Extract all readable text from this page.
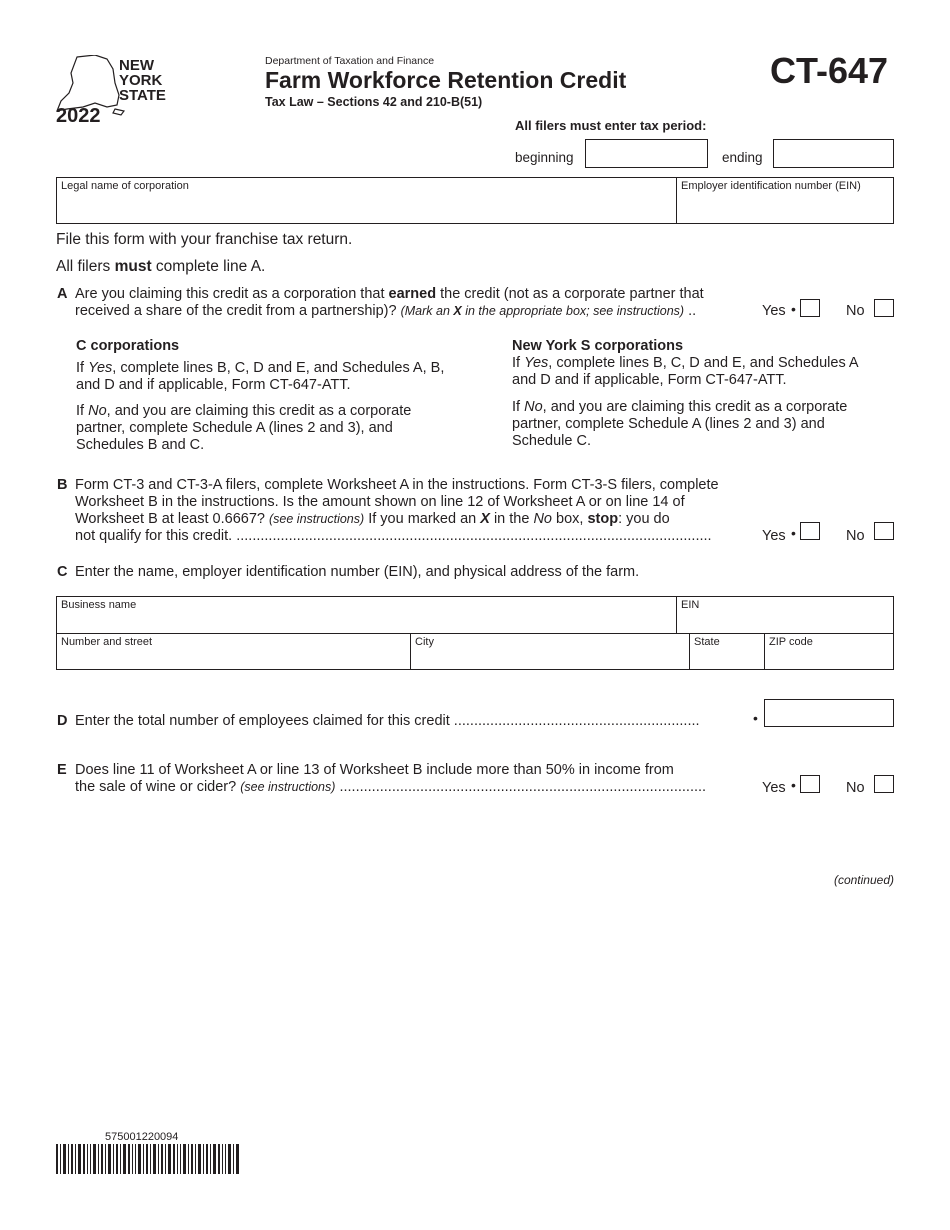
NEW
YORK
STATE
2022
Department of Taxation and Finance
Farm Workforce Retention Credit
Tax Law – Sections 42 and 210-B(51)
CT-647
All filers must enter tax period:
beginning	ending
Legal name of corporation	Employer identification number (EIN)
File this form with your franchise tax return.
All filers must complete line A.
A Are you claiming this credit as a corporation that earned the credit (not as a corporate partner that
received a share of the credit from a partnership)? (Mark an X in the appropriate box; see instructions) ..	Yes •	No
C corporations
If Yes, complete lines B, C, D and E, and Schedules A, B,
and D and if applicable, Form CT-647-ATT.
If No, and you are claiming this credit as a corporate
partner, complete Schedule A (lines 2 and 3), and
Schedules B and C.
New York S corporations
If Yes, complete lines B, C, D and E, and Schedules A
and D and if applicable, Form CT-647-ATT.
If No, and you are claiming this credit as a corporate
partner, complete Schedule A (lines 2 and 3) and
Schedule C.
B Form CT-3 and CT-3-A filers, complete Worksheet A in the instructions. Form CT-3-S filers, complete
Worksheet B in the instructions. Is the amount shown on line 12 of Worksheet A or on line 14 of
Worksheet B at least 0.6667? (see instructions) If you marked an X in the No box, stop: you do
not qualify for this credit. ......................................................................................................................	Yes •	No
C Enter the name, employer identification number (EIN), and physical address of the farm.
Business name	EIN
Number and street	City	State	ZIP code
D Enter the total number of employees claimed for this credit .............................................................	•
E Does line 11 of Worksheet A or line 13 of Worksheet B include more than 50% in income from
the sale of wine or cider? (see instructions) ...........................................................................................	Yes •	No
(continued)
575001220094
